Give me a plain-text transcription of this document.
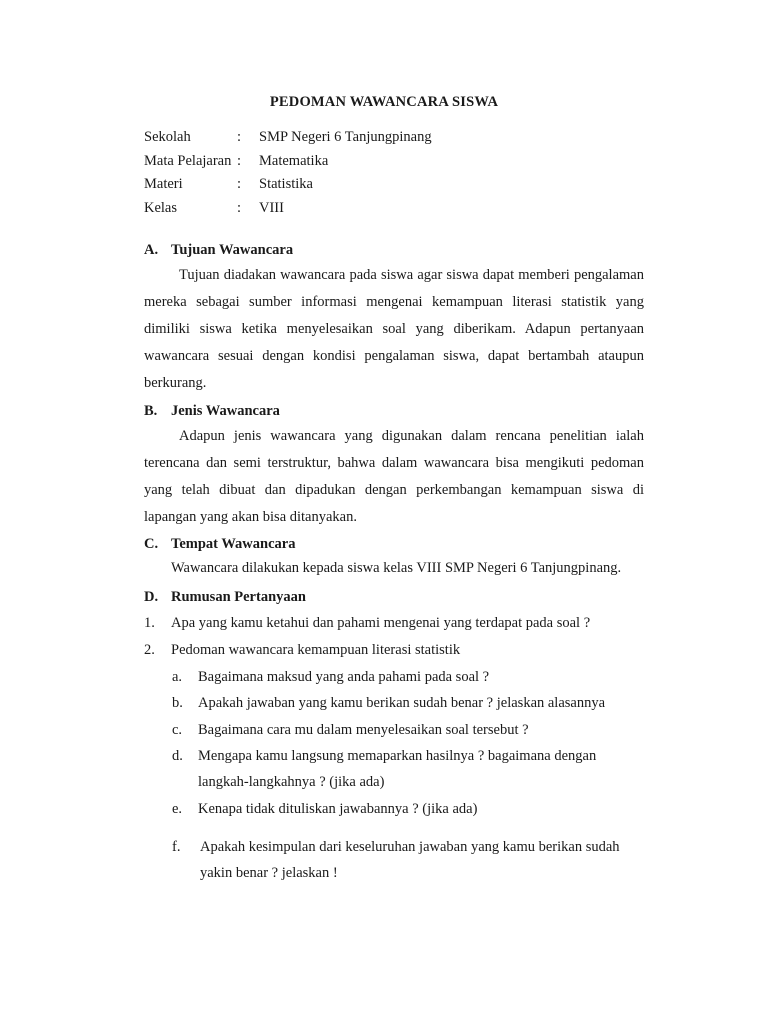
PEDOMAN WAWANCARA SISWA
Sekolah	: SMP Negeri 6 Tanjungpinang
Mata Pelajaran : Matematika
Materi	: Statistika
Kelas	: VIII
A. Tujuan Wawancara

Tujuan diadakan wawancara pada siswa agar siswa dapat memberi pengalaman mereka sebagai sumber informasi mengenai kemampuan literasi statistik yang dimiliki siswa ketika menyelesaikan soal yang diberikam. Adapun pertanyaan wawancara sesuai dengan kondisi pengalaman siswa, dapat bertambah ataupun berkurang.

B. Jenis Wawancara

Adapun jenis wawancara yang digunakan dalam rencana penelitian ialah terencana dan semi terstruktur, bahwa dalam wawancara bisa mengikuti pedoman yang telah dibuat dan dipadukan dengan perkembangan kemampuan siswa di lapangan yang akan bisa ditanyakan.

C. Tempat Wawancara
Wawancara dilakukan kepada siswa kelas VIII SMP Negeri 6 Tanjungpinang.
D. Rumusan Pertanyaan
1. Apa yang kamu ketahui dan pahami mengenai yang terdapat pada soal ?
2. Pedoman wawancara kemampuan literasi statistik
a. Bagaimana maksud yang anda pahami pada soal ?
b. Apakah jawaban yang kamu berikan sudah benar ? jelaskan alasannya
c. Bagaimana cara mu dalam menyelesaikan soal tersebut ?
d. Mengapa kamu langsung memaparkan hasilnya ? bagaimana dengan langkah-langkahnya ? (jika ada)
e. Kenapa tidak dituliskan jawabannya ? (jika ada)
f. Apakah kesimpulan dari keseluruhan jawaban yang kamu berikan sudah yakin benar ? jelaskan !
